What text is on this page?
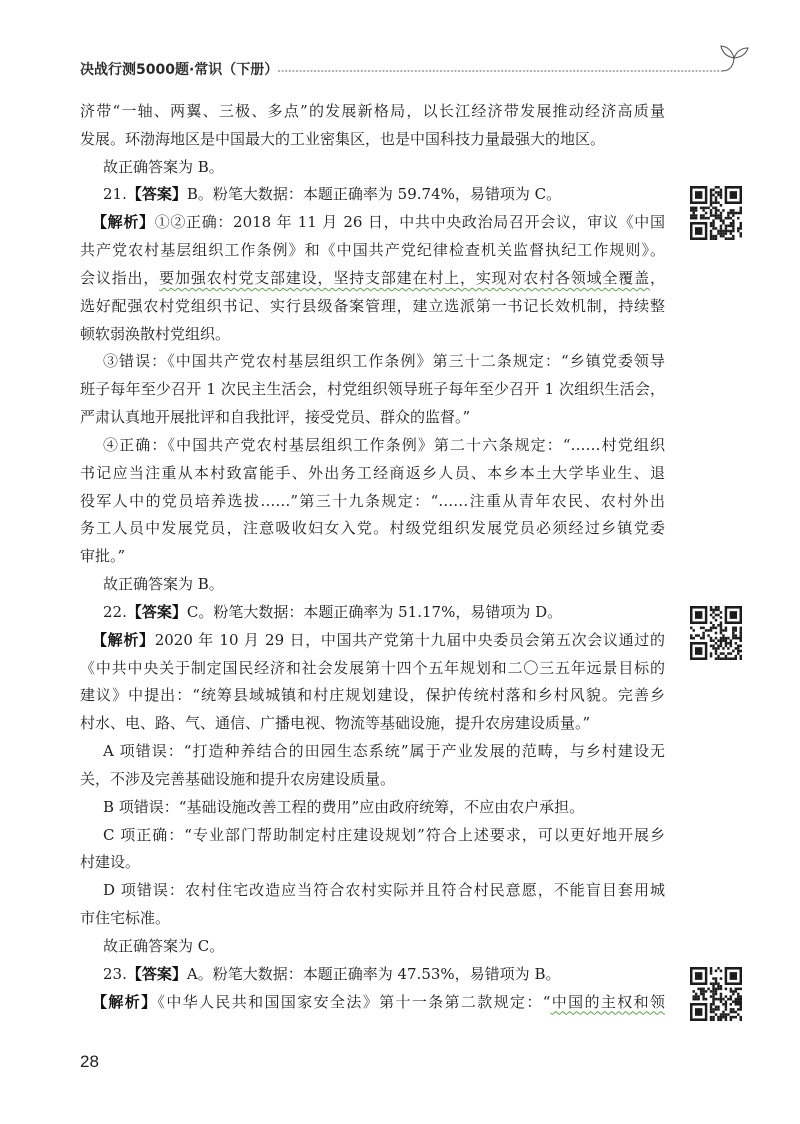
决战行测5000题·常识（下册）
济带“一轴、两翼、三极、多点”的发展新格局，以长江经济带发展推动经济高质量
发展。环渤海地区是中国最大的工业密集区，也是中国科技力量最强大的地区。
故正确答案为 B。
21.【答案】B。粉笔大数据：本题正确率为 59.74%，易错项为 C。
【解析】①②正确：2018 年 11 月 26 日，中共中央政治局召开会议，审议《中国
共产党农村基层组织工作条例》和《中国共产党纪律检查机关监督执纪工作规则》。
会议指出，要加强农村党支部建设，坚持支部建在村上，实现对农村各领域全覆盖，
选好配强农村党组织书记、实行县级备案管理，建立选派第一书记长效机制，持续整
顿软弱涣散村党组织。
③错误：《中国共产党农村基层组织工作条例》第三十二条规定：“乡镇党委领导
班子每年至少召开 1 次民主生活会，村党组织领导班子每年至少召开 1 次组织生活会，
严肃认真地开展批评和自我批评，接受党员、群众的监督。”
④正确：《中国共产党农村基层组织工作条例》第二十六条规定：“……村党组织
书记应当注重从本村致富能手、外出务工经商返乡人员、本乡本土大学毕业生、退
役军人中的党员培养选拔……”第三十九条规定：“……注重从青年农民、农村外出
务工人员中发展党员，注意吸收妇女入党。村级党组织发展党员必须经过乡镇党委
审批。”
故正确答案为 B。
22.【答案】C。粉笔大数据：本题正确率为 51.17%，易错项为 D。
【解析】2020 年 10 月 29 日，中国共产党第十九届中央委员会第五次会议通过的
《中共中央关于制定国民经济和社会发展第十四个五年规划和二〇三五年远景目标的
建议》中提出：“统筹县域城镇和村庄规划建设，保护传统村落和乡村风貌。完善乡
村水、电、路、气、通信、广播电视、物流等基础设施，提升农房建设质量。”
A 项错误：“打造种养结合的田园生态系统”属于产业发展的范畴，与乡村建设无
关，不涉及完善基础设施和提升农房建设质量。
B 项错误：“基础设施改善工程的费用”应由政府统筹，不应由农户承担。
C 项正确：“专业部门帮助制定村庄建设规划”符合上述要求，可以更好地开展乡
村建设。
D 项错误：农村住宅改造应当符合农村实际并且符合村民意愿，不能盲目套用城
市住宅标准。
故正确答案为 C。
23.【答案】A。粉笔大数据：本题正确率为 47.53%，易错项为 B。
【解析】《中华人民共和国国家安全法》第十一条第二款规定：“中国的主权和领
28
